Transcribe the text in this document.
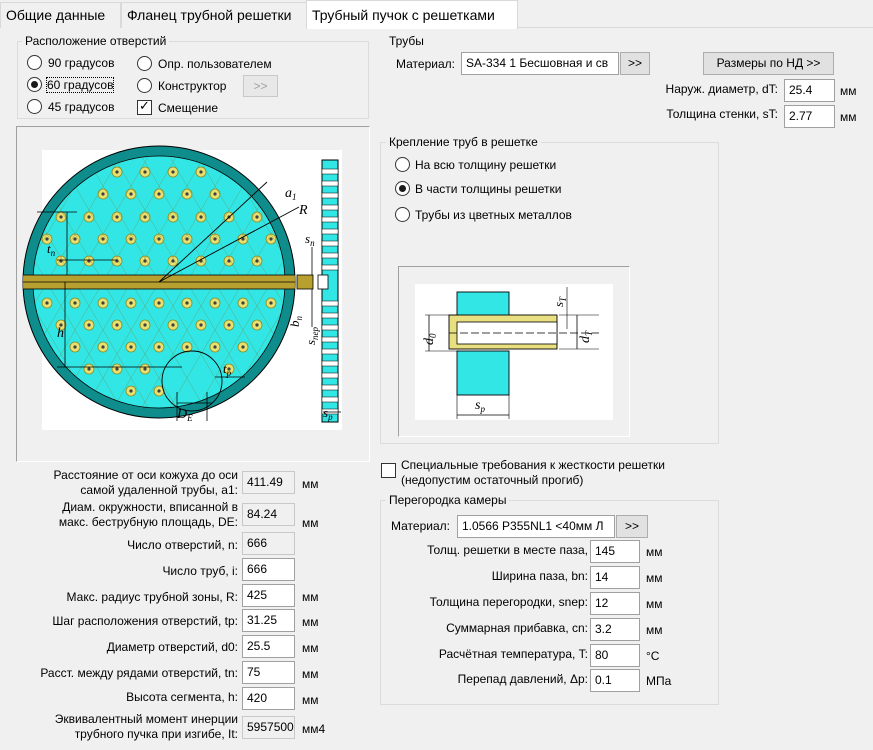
Общие данные	Фланец трубной решетки	Трубный пучок с решетками
Расположение отверстий
90 градусов
60 градусов
45 градусов
Опр. пользователем
Конструктор	>>
✓ Смещение
$a_1$
R
$t_n$
$s_n$
h
$t_p$
$D_E$	$s_p$
$b_n$
$s_{пер}$
Трубы
Материал: SA-334 1 Бесшовная и св	>>	Размеры по НД >>
Наруж. диаметр, dT: 25.4	мм
Толщина стенки, sT: 2.77	мм
Крепление труб в решетке
На всю толщину решетки
В части толщины решетки
Трубы из цветных металлов
$s_T$
$d_0$
$d_T$
$s_p$
Специальные требования к жесткости решетки
(недопустим остаточный прогиб)
Перегородка камеры
Материал:	1.0566 P355NL1 <40мм Л	>>
Толщ. решетки в месте паза, 145	мм
Ширина паза, bn: 14	мм
Толщина перегородки, snep: 12	мм
Суммарная прибавка, cn: 3.2	мм
Расчётная температура, T: 80	°C
Перепад давлений, Δp: 0.1	МПа
Расстояние от оси кожуха до оси
самой удаленной трубы, a1:
411.49	мм
Диам. окружности, вписанной в
макс. беструбную площадь, DE:
84.24
мм
Число отверстий, n: 666
Число труб, i: 666
Макс. радиус трубной зоны, R: 425	мм
Шаг расположения отверстий, tp: 31.25	мм
Диаметр отверстий, d0: 25.5	мм
Расст. между рядами отверстий, tn: 75	мм
Высота сегмента, h: 420	мм
Эквивалентный момент инерции
трубного пучка при изгибе, It: 5957500 мм4
